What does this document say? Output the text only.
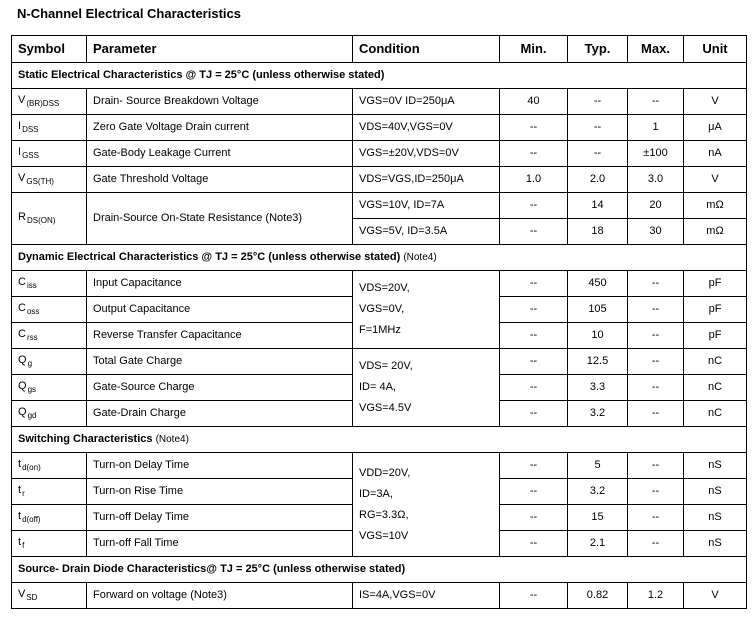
N-Channel Electrical Characteristics
Symbol	Parameter	Condition	Min.	Typ.	Max.	Unit
Static Electrical Characteristics @ TJ = 25°C (unless otherwise stated)						
$V_{(BR)DSS}$	Drain- Source Breakdown Voltage	VGS=0V ID=250μA	40	--	--	V
$I_{DSS}$	Zero Gate Voltage Drain current	VDS=40V,VGS=0V	--	--	1	μA
$I_{GSS}$	Gate-Body Leakage Current	VGS=±20V,VDS=0V	--	--	±100	nA
$V_{GS(TH)}$	Gate Threshold Voltage	VDS=VGS,ID=250μA	1.0	2.0	3.0	V
$R_{DS(ON)}$	Drain-Source On-State Resistance (Note3)	VGS=10V, ID=7A	--	14	20	mΩ
		VGS=5V, ID=3.5A	--	18	30	mΩ
Dynamic Electrical Characteristics @ TJ = 25°C (unless otherwise stated) (Note4)						
$C_{iss}$	Input Capacitance	VDS=20V,
VGS=0V,
F=1MHz	--	450	--	pF
$C_{oss}$	Output Capacitance		--	105	--	pF
$C_{rss}$	Reverse Transfer Capacitance		--	10	--	pF
$Q_g$	Total Gate Charge	VDS= 20V,
ID= 4A,
VGS=4.5V	--	12.5	--	nC
$Q_{gs}$	Gate-Source Charge		--	3.3	--	nC
$Q_{gd}$	Gate-Drain Charge		--	3.2	--	nC
Switching Characteristics (Note4)						
$t_{d(on)}$	Turn-on Delay Time	VDD=20V,
ID=3A,
RG=3.3Ω,
VGS=10V	--	5	--	nS
$t_r$	Turn-on Rise Time		--	3.2	--	nS
$t_{d(off)}$	Turn-off Delay Time		--	15	--	nS
$t_f$	Turn-off Fall Time		--	2.1	--	nS
Source- Drain Diode Characteristics@ TJ = 25°C (unless otherwise stated)						
$V_{SD}$	Forward on voltage (Note3)	IS=4A,VGS=0V	--	0.82	1.2	V
